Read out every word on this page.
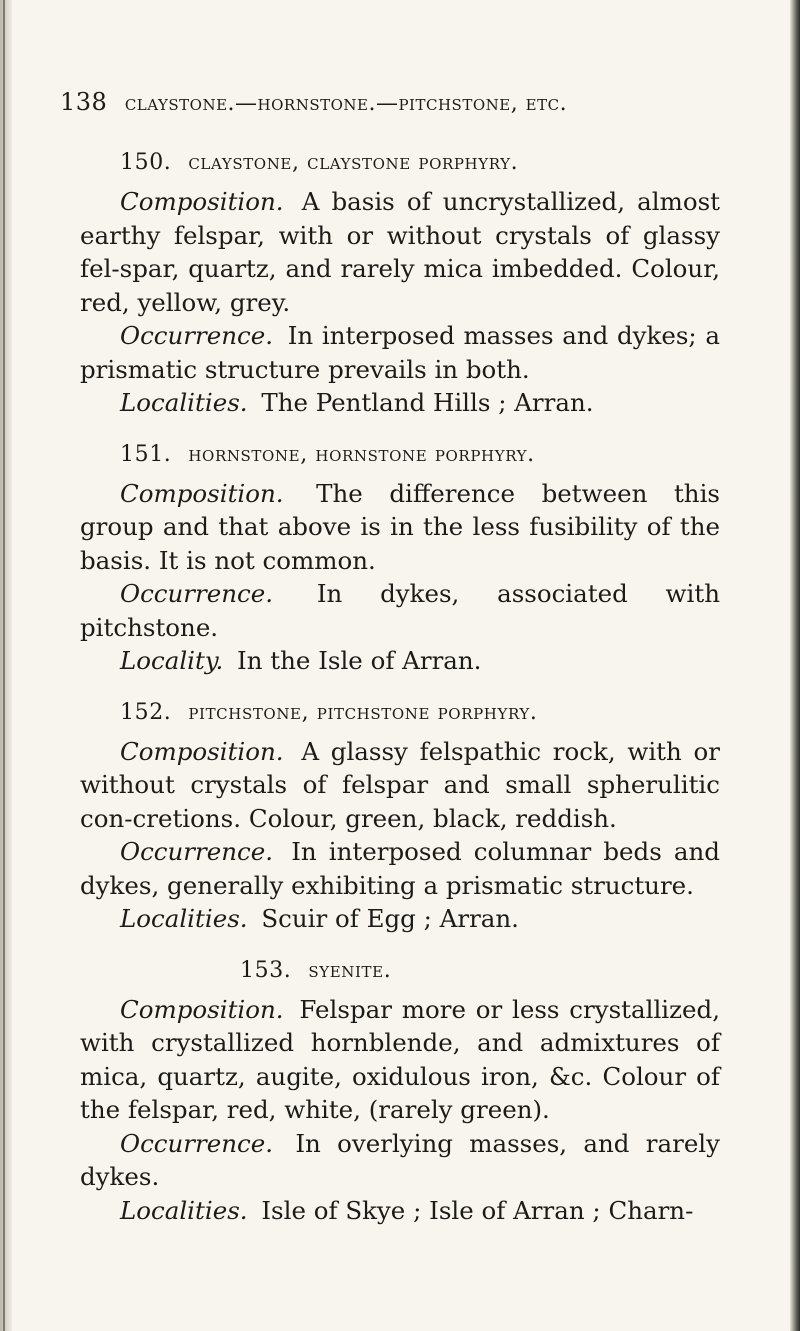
138 claystone.—hornstone.—pitchstone, etc.
150. claystone, claystone porphyry.

Composition. A basis of uncrystallized, almost earthy felspar, with or without crystals of glassy fel-spar, quartz, and rarely mica imbedded. Colour, red, yellow, grey.

Occurrence. In interposed masses and dykes; a prismatic structure prevails in both.

Localities. The Pentland Hills ; Arran.

151. hornstone, hornstone porphyry.

Composition. The difference between this group and that above is in the less fusibility of the basis. It is not common.

Occurrence. In dykes, associated with pitchstone.

Locality. In the Isle of Arran.

152. pitchstone, pitchstone porphyry.

Composition. A glassy felspathic rock, with or without crystals of felspar and small spherulitic con-cretions. Colour, green, black, reddish.

Occurrence. In interposed columnar beds and dykes, generally exhibiting a prismatic structure.

Localities. Scuir of Egg ; Arran.

153. syenite.

Composition. Felspar more or less crystallized, with crystallized hornblende, and admixtures of mica, quartz, augite, oxidulous iron, &c. Colour of the felspar, red, white, (rarely green).

Occurrence. In overlying masses, and rarely dykes.

Localities. Isle of Skye ; Isle of Arran ; Charn-
